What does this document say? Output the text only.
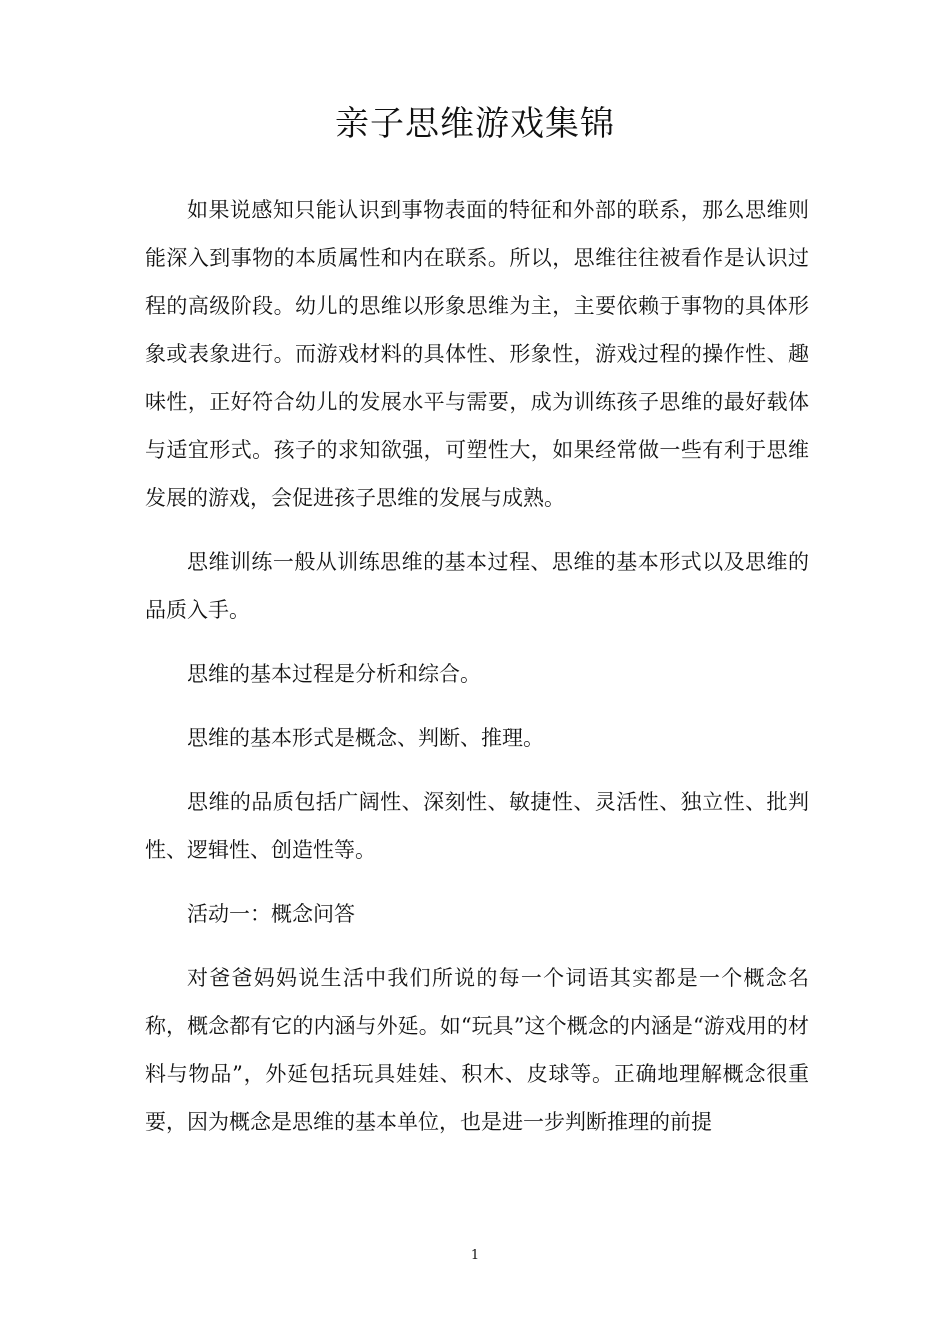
亲子思维游戏集锦

如果说感知只能认识到事物表面的特征和外部的联系，那么思维则能深入到事物的本质属性和内在联系。所以，思维往往被看作是认识过程的高级阶段。幼儿的思维以形象思维为主，主要依赖于事物的具体形象或表象进行。而游戏材料的具体性、形象性，游戏过程的操作性、趣味性，正好符合幼儿的发展水平与需要，成为训练孩子思维的最好载体与适宜形式。孩子的求知欲强，可塑性大，如果经常做一些有利于思维发展的游戏，会促进孩子思维的发展与成熟。

思维训练一般从训练思维的基本过程、思维的基本形式以及思维的品质入手。

思维的基本过程是分析和综合。

思维的基本形式是概念、判断、推理。

思维的品质包括广阔性、深刻性、敏捷性、灵活性、独立性、批判性、逻辑性、创造性等。

活动一：概念问答

对爸爸妈妈说生活中我们所说的每一个词语其实都是一个概念名称，概念都有它的内涵与外延。如“玩具”这个概念的内涵是“游戏用的材料与物品”，外延包括玩具娃娃、积木、皮球等。正确地理解概念很重要，因为概念是思维的基本单位，也是进一步判断推理的前提

1
